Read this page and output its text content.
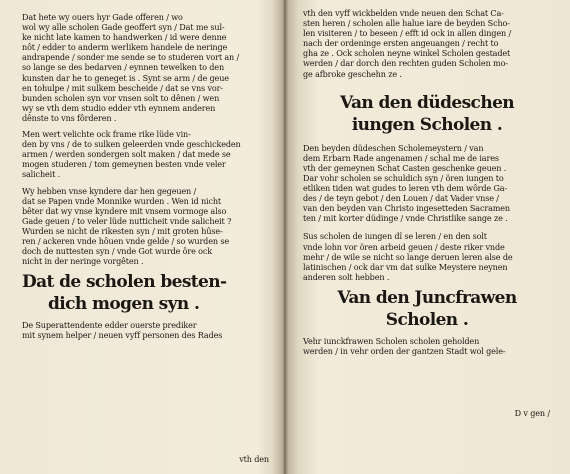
Dat hete wy ouers hyr Gade offeren / wo
wol wy alle scholen Gade geoffert syn / Dat me sul-
ke nicht late kamen to handwerken / id were denne
nôt / edder to anderm werlikem handele de neringe
andrapende / sonder me sende se to studeren vort an /
so lange se des bedarven / eynnen tewelken to den
kunsten dar he to geneget is . Synt se arm / de geue
en tohulpe / mit sulkem bescheide / dat se vns vor-
bunden scholen syn vor vnsen solt to dênen / wen
wy se vth dem studio edder vth eynnem anderen
dênste to vns fôrderen .
Men wert velichte ock frame rike lüde vin-
den by vns / de to sulken geleerden vnde geschickeden
armen / werden sondergen solt maken / dat mede se
mogen studeren / tom gemeynen besten vnde veler
salicheit .
Wy hebben vnse kyndere dar hen gegeuen /
dat se Papen vnde Monnike wurden . Wen id nicht
bêter dat wy vnse kyndere mit vnsem vormoge also
Gade geuen / to veler lüde nutticheit vnde salicheit ?
Wurden se nicht de rikesten syn / mit groten hûse-
ren / ackeren vnde hôuen vnde gelde / so wurden se
doch de nuttesten syn / vnde Got wurde ôre ock
nicht in der neringe vorgêten .
Dat de scholen besten-
dich mogen syn .
De Superattendente edder ouerste prediker
mit synem helper / neuen vyff personen des Rades
vth den
vth den vyff wickbelden vnde neuen den Schat Ca-
sten heren / scholen alle halue iare de beyden Scho-
len visiteren / to beseen / efft id ock in allen dingen /
nach der ordeninge ersten angeuangen / recht to
gha ze . Ock scholen neyne winkel Scholen gestadet
werden / dar dorch den rechten guden Scholen mo-
ge afbroke geschehn ze .
Van den düdeschen
iungen Scholen .
Den beyden düdeschen Scholemeystern / van
dem Erbarn Rade angenamen / schal me de iares
vth der gemeynen Schat Casten geschenke geuen .
Dar vohr scholen se schuldich syn / ören iungen to
etliken tiden wat gudes to leren vth dem wôrde Ga-
des / de teyn gebot / den Louen / dat Vader vnse /
van den beyden van Christo ingesetteden Sacramen
ten / mit korter düdinge / vnde Christlike sange ze .
Sus scholen de iungen dî se leren / en den solt
vnde lohn vor ören arbeid geuen / deste riker vnde
mehr / de wile se nicht so lange deruen leren alse de
latinischen / ock dar vm dat sulke Meystere neynen
anderen solt hebben .
Van den Juncfrawen
Scholen .
Vehr iunckfrawen Scholen scholen geholden
werden / in vehr orden der gantzen Stadt wol gele-
D v gen /
